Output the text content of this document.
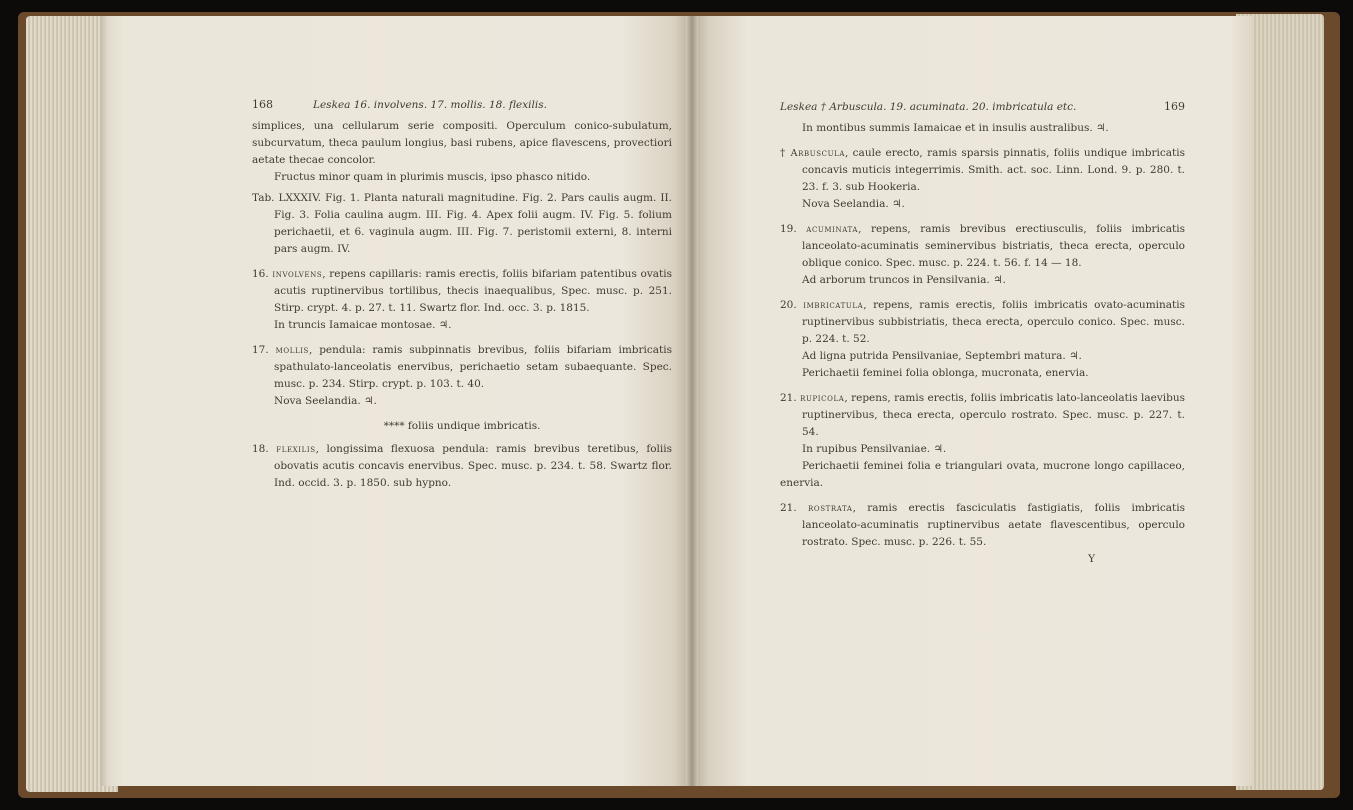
168	Leskea 16. involvens. 17. mollis. 18. flexilis.

simplices, una cellularum serie compositi. Operculum conico-subulatum, subcurvatum, theca paulum longius, basi rubens, apice flavescens, provectiori aetate thecae concolor.

Fructus minor quam in plurimis muscis, ipso phasco nitido.

Tab. LXXXIV. Fig. 1. Planta naturali magnitudine. Fig. 2. Pars caulis augm. II. Fig. 3. Folia caulina augm. III. Fig. 4. Apex folii augm. IV. Fig. 5. folium perichaetii, et 6. vaginula augm. III. Fig. 7. peristomii externi, 8. interni pars augm. IV.

16. involvens, repens capillaris: ramis erectis, foliis bifariam patentibus ovatis acutis ruptinervibus tortilibus, thecis inaequalibus, Spec. musc. p. 251. Stirp. crypt. 4. p. 27. t. 11. Swartz flor. Ind. occ. 3. p. 1815.

In truncis Iamaicae montosae. ♃.

17. mollis, pendula: ramis subpinnatis brevibus, foliis bifariam imbricatis spathulato-lanceolatis enervibus, perichaetio setam subaequante. Spec. musc. p. 234. Stirp. crypt. p. 103. t. 40.

Nova Seelandia. ♃.

**** foliis undique imbricatis.

18. flexilis, longissima flexuosa pendula: ramis brevibus teretibus, foliis obovatis acutis concavis enervibus. Spec. musc. p. 234. t. 58. Swartz flor. Ind. occid. 3. p. 1850. sub hypno.

Leskea † Arbuscula. 19. acuminata. 20. imbricatula etc.	169

In montibus summis Iamaicae et in insulis australibus. ♃.

† Arbuscula, caule erecto, ramis sparsis pinnatis, foliis undique imbricatis concavis muticis integerrimis. Smith. act. soc. Linn. Lond. 9. p. 280. t. 23. f. 3. sub Hookeria.

Nova Seelandia. ♃.

19. acuminata, repens, ramis brevibus erectiusculis, foliis imbricatis lanceolato-acuminatis seminervibus bistriatis, theca erecta, operculo oblique conico. Spec. musc. p. 224. t. 56. f. 14 — 18.

Ad arborum truncos in Pensilvania. ♃.

20. imbricatula, repens, ramis erectis, foliis imbricatis ovato-acuminatis ruptinervibus subbistriatis, theca erecta, operculo conico. Spec. musc. p. 224. t. 52.

Ad ligna putrida Pensilvaniae, Septembri matura. ♃.

Perichaetii feminei folia oblonga, mucronata, enervia.

21. rupicola, repens, ramis erectis, foliis imbricatis lato-lanceolatis laevibus ruptinervibus, theca erecta, operculo rostrato. Spec. musc. p. 227. t. 54.

In rupibus Pensilvaniae. ♃.

Perichaetii feminei folia e triangulari ovata, mucrone longo capillaceo, enervia.

21. rostrata, ramis erectis fasciculatis fastigiatis, foliis imbricatis lanceolato-acuminatis ruptinervibus aetate flavescentibus, operculo rostrato. Spec. musc. p. 226. t. 55.

Y
